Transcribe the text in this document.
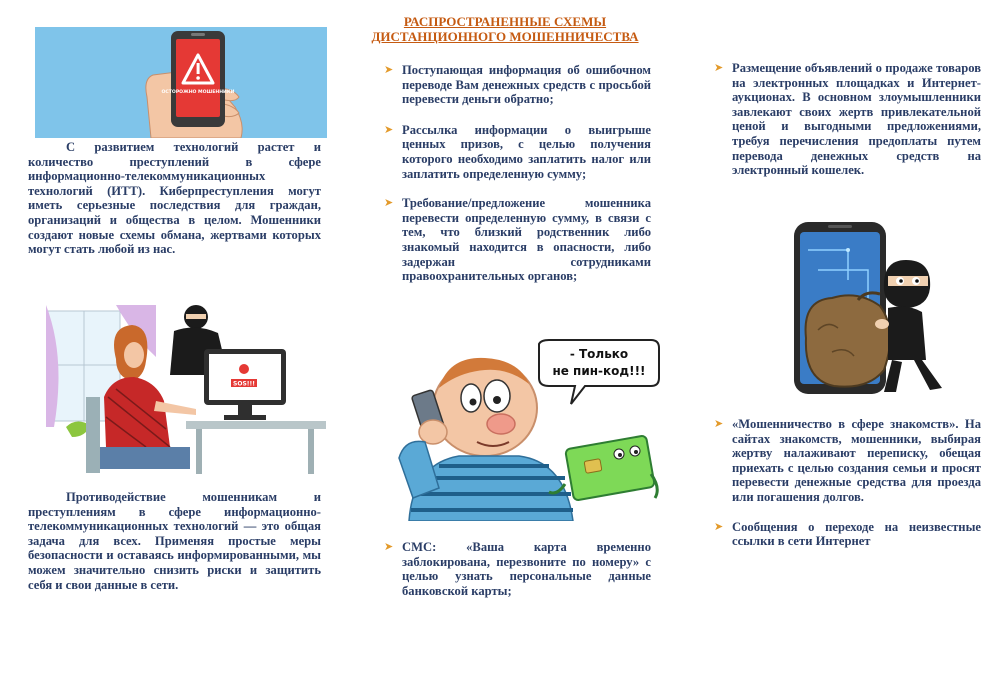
РАСПРОСТРАНЕННЫЕ СХЕМЫ
ДИСТАНЦИОННОГО МОШЕННИЧЕСТВА
ОСТОРОЖНО МОШЕННИКИ
С развитием технологий растет и количество преступлений в сфере информационно-телекоммуникационных технологий (ИТТ). Киберпреступления могут иметь серьезные последствия для граждан, организаций и общества в целом. Мошенники создают новые схемы обмана, жертвами которых могут стать любой из нас.
SOS!!!
Противодействие мошенникам и преступлениям в сфере информационно-телекоммуникационных технологий — это общая задача для всех. Применяя простые меры безопасности и оставаясь информированными, мы можем значительно снизить риски и защитить себя и свои данные в сети.
➤ Поступающая информация об ошибочном переводе Вам денежных средств с просьбой перевести деньги обратно;
➤ Рассылка информации о выигрыше ценных призов, с целью получения которого необходимо заплатить налог или заплатить определенную сумму;
➤ Требование/предложение мошенника перевести определенную сумму, в связи с тем, что близкий родственник либо знакомый находится в опасности, либо задержан сотрудниками правоохранительных органов;
- Только
не пин-код!!!
➤ СМС: «Ваша карта временно заблокирована, перезвоните по номеру» с целью узнать персональные данные банковской карты;
➤ Размещение объявлений о продаже товаров на электронных площадках и Интернет-аукционах. В основном злоумышленники завлекают своих жертв привлекательной ценой и выгодными предложениями, требуя перечисления предоплаты путем перевода денежных средств на электронный кошелек.
➤ «Мошенничество в сфере знакомств». На сайтах знакомств, мошенники, выбирая жертву налаживают переписку, обещая приехать с целью создания семьи и просят перевести денежные средства для проезда или погашения долгов.
➤ Сообщения о переходе на неизвестные ссылки в сети Интернет
